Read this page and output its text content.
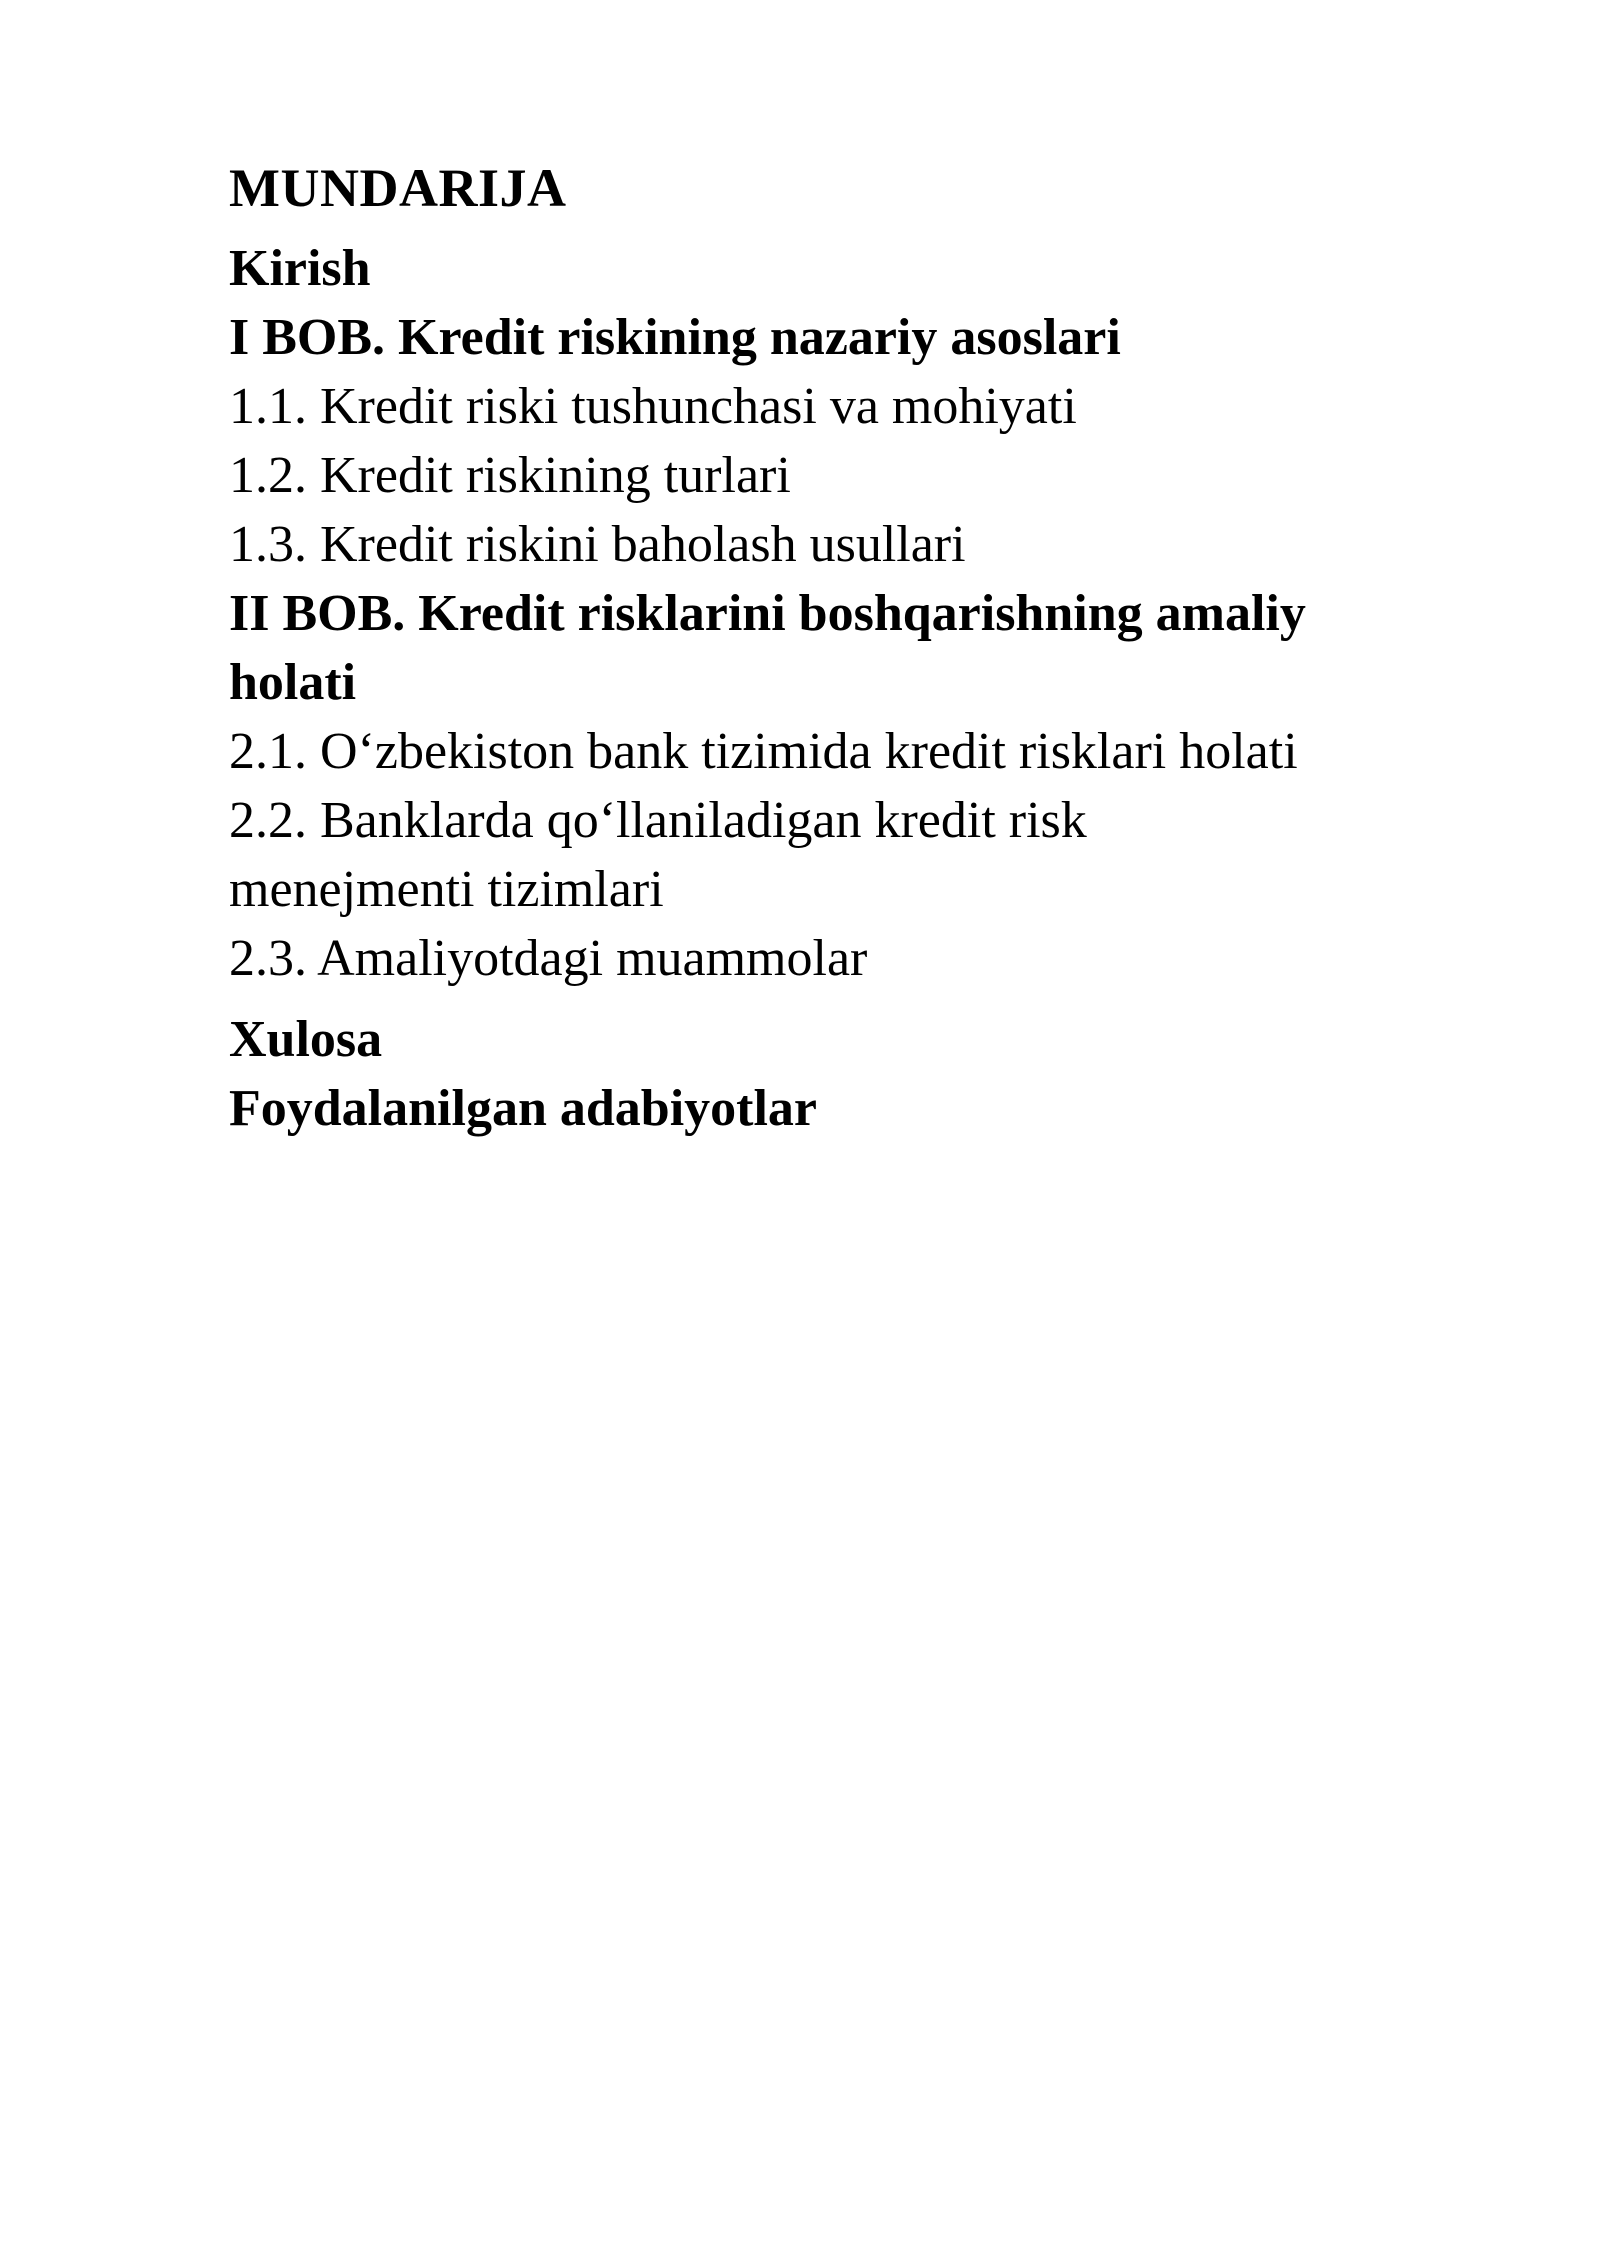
MUNDARIJA
Kirish
I BOB. Kredit riskining nazariy asoslari
1.1. Kredit riski tushunchasi va mohiyati
1.2. Kredit riskining turlari
1.3. Kredit riskini baholash usullari
II BOB. Kredit risklarini boshqarishning amaliy
holati
2.1. O‘zbekiston bank tizimida kredit risklari holati
2.2. Banklarda qo‘llaniladigan kredit risk
menejmenti tizimlari
2.3. Amaliyotdagi muammolar
Xulosa
Foydalanilgan adabiyotlar
